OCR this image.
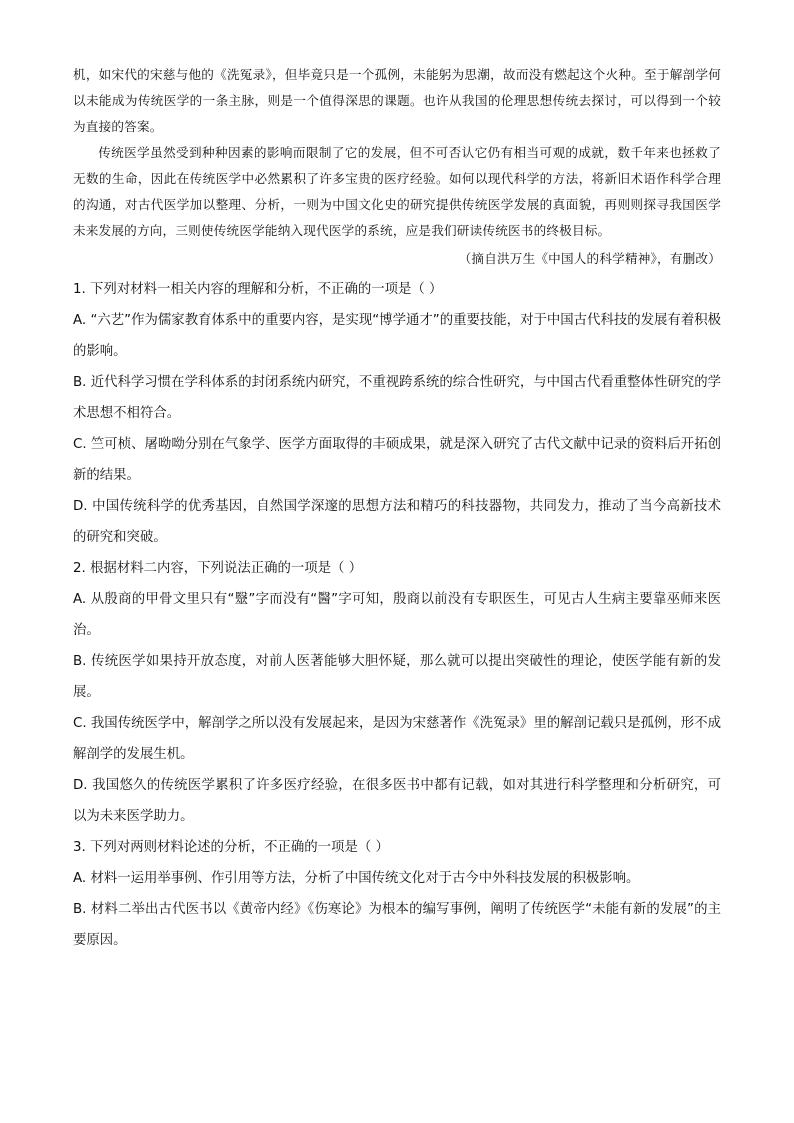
机，如宋代的宋慈与他的《洗冤录》，但毕竟只是一个孤例，未能躬为思潮，故而没有燃起这个火种。至于解剖学何以未能成为传统医学的一条主脉，则是一个值得深思的课题。也许从我国的伦理思想传统去探讨，可以得到一个较为直接的答案。

传统医学虽然受到种种因素的影响而限制了它的发展，但不可否认它仍有相当可观的成就，数千年来也拯救了无数的生命，因此在传统医学中必然累积了许多宝贵的医疗经验。如何以现代科学的方法，将新旧术语作科学合理的沟通，对古代医学加以整理、分析，一则为中国文化史的研究提供传统医学发展的真面貌，再则则探寻我国医学未来发展的方向，三则使传统医学能纳入现代医学的系统，应是我们研读传统医书的终极目标。

（摘自洪万生《中国人的科学精神》，有删改）

1. 下列对材料一相关内容的理解和分析，不正确的一项是（ ）

A. “六艺”作为儒家教育体系中的重要内容，是实现“博学通才”的重要技能，对于中国古代科技的发展有着积极的影响。

B. 近代科学习惯在学科体系的封闭系统内研究，不重视跨系统的综合性研究，与中国古代看重整体性研究的学术思想不相符合。

C. 竺可桢、屠呦呦分别在气象学、医学方面取得的丰硕成果，就是深入研究了古代文献中记录的资料后开拓创新的结果。

D. 中国传统科学的优秀基因，自然国学深邃的思想方法和精巧的科技器物，共同发力，推动了当今高新技术的研究和突破。

2. 根据材料二内容，下列说法正确的一项是（ ）

A. 从殷商的甲骨文里只有“毉”字而没有“醫”字可知，殷商以前没有专职医生，可见古人生病主要靠巫师来医治。

B. 传统医学如果持开放态度，对前人医著能够大胆怀疑，那么就可以提出突破性的理论，使医学能有新的发展。

C. 我国传统医学中，解剖学之所以没有发展起来，是因为宋慈著作《洗冤录》里的解剖记载只是孤例，形不成解剖学的发展生机。

D. 我国悠久的传统医学累积了许多医疗经验，在很多医书中都有记载，如对其进行科学整理和分析研究，可以为未来医学助力。

3. 下列对两则材料论述的分析，不正确的一项是（ ）

A. 材料一运用举事例、作引用等方法，分析了中国传统文化对于古今中外科技发展的积极影响。

B. 材料二举出古代医书以《黄帝内经》《伤寒论》为根本的编写事例，阐明了传统医学“未能有新的发展”的主要原因。
